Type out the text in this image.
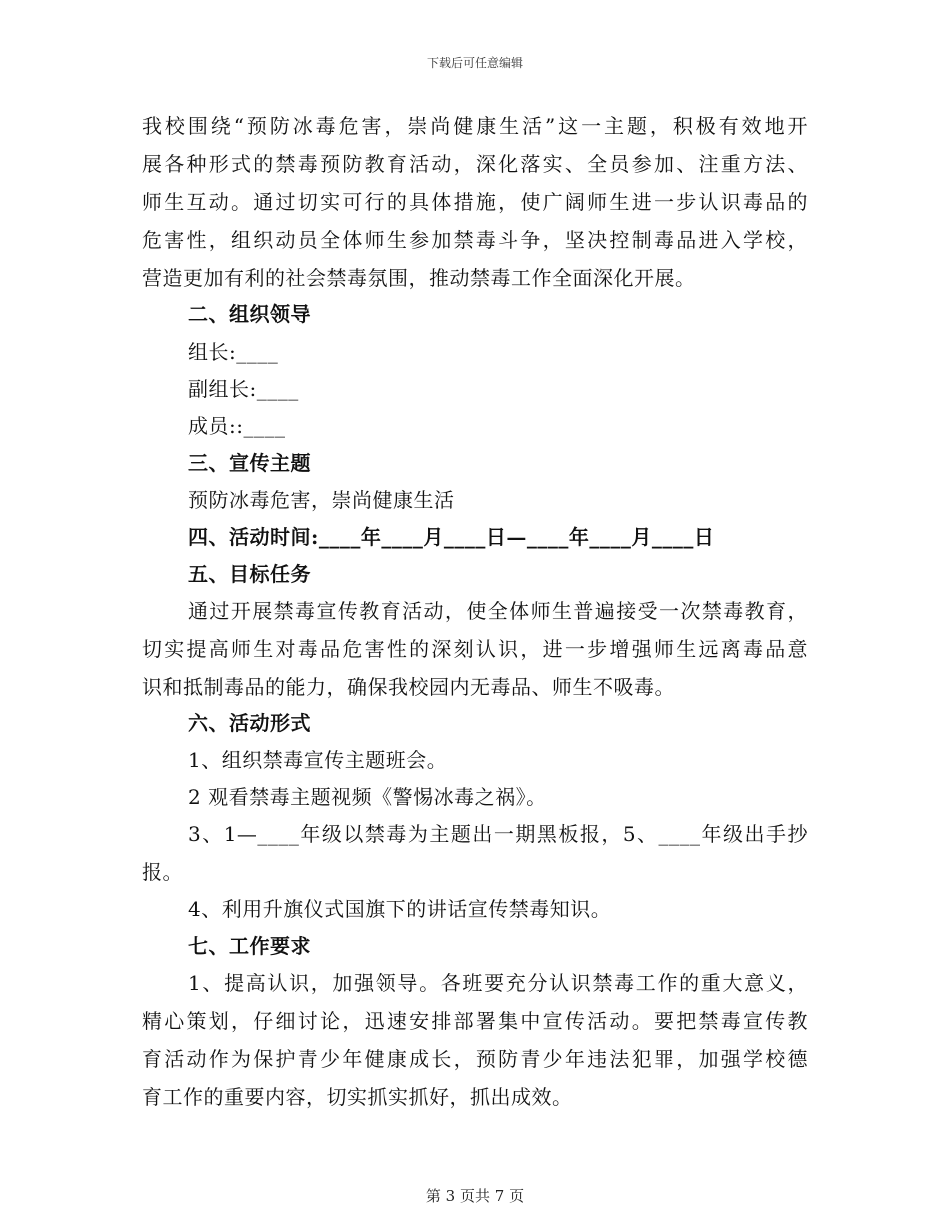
下载后可任意编辑
我校围绕“预防冰毒危害，崇尚健康生活”这一主题，积极有效地开
展各种形式的禁毒预防教育活动，深化落实、全员参加、注重方法、
师生互动。通过切实可行的具体措施，使广阔师生进一步认识毒品的
危害性，组织动员全体师生参加禁毒斗争，坚决控制毒品进入学校，
营造更加有利的社会禁毒氛围，推动禁毒工作全面深化开展。
二、组织领导
组长:____
副组长:____
成员::____
三、宣传主题
预防冰毒危害，崇尚健康生活
四、活动时间:____年____月____日—____年____月____日
五、目标任务
通过开展禁毒宣传教育活动，使全体师生普遍接受一次禁毒教育，
切实提高师生对毒品危害性的深刻认识，进一步增强师生远离毒品意
识和抵制毒品的能力，确保我校园内无毒品、师生不吸毒。
六、活动形式
1、组织禁毒宣传主题班会。
2 观看禁毒主题视频《警惕冰毒之祸》。
3、1—____年级以禁毒为主题出一期黑板报，5、____年级出手抄
报。
4、利用升旗仪式国旗下的讲话宣传禁毒知识。
七、工作要求
1、提高认识，加强领导。各班要充分认识禁毒工作的重大意义，
精心策划，仔细讨论，迅速安排部署集中宣传活动。要把禁毒宣传教
育活动作为保护青少年健康成长，预防青少年违法犯罪，加强学校德
育工作的重要内容，切实抓实抓好，抓出成效。
第 3 页共 7 页
